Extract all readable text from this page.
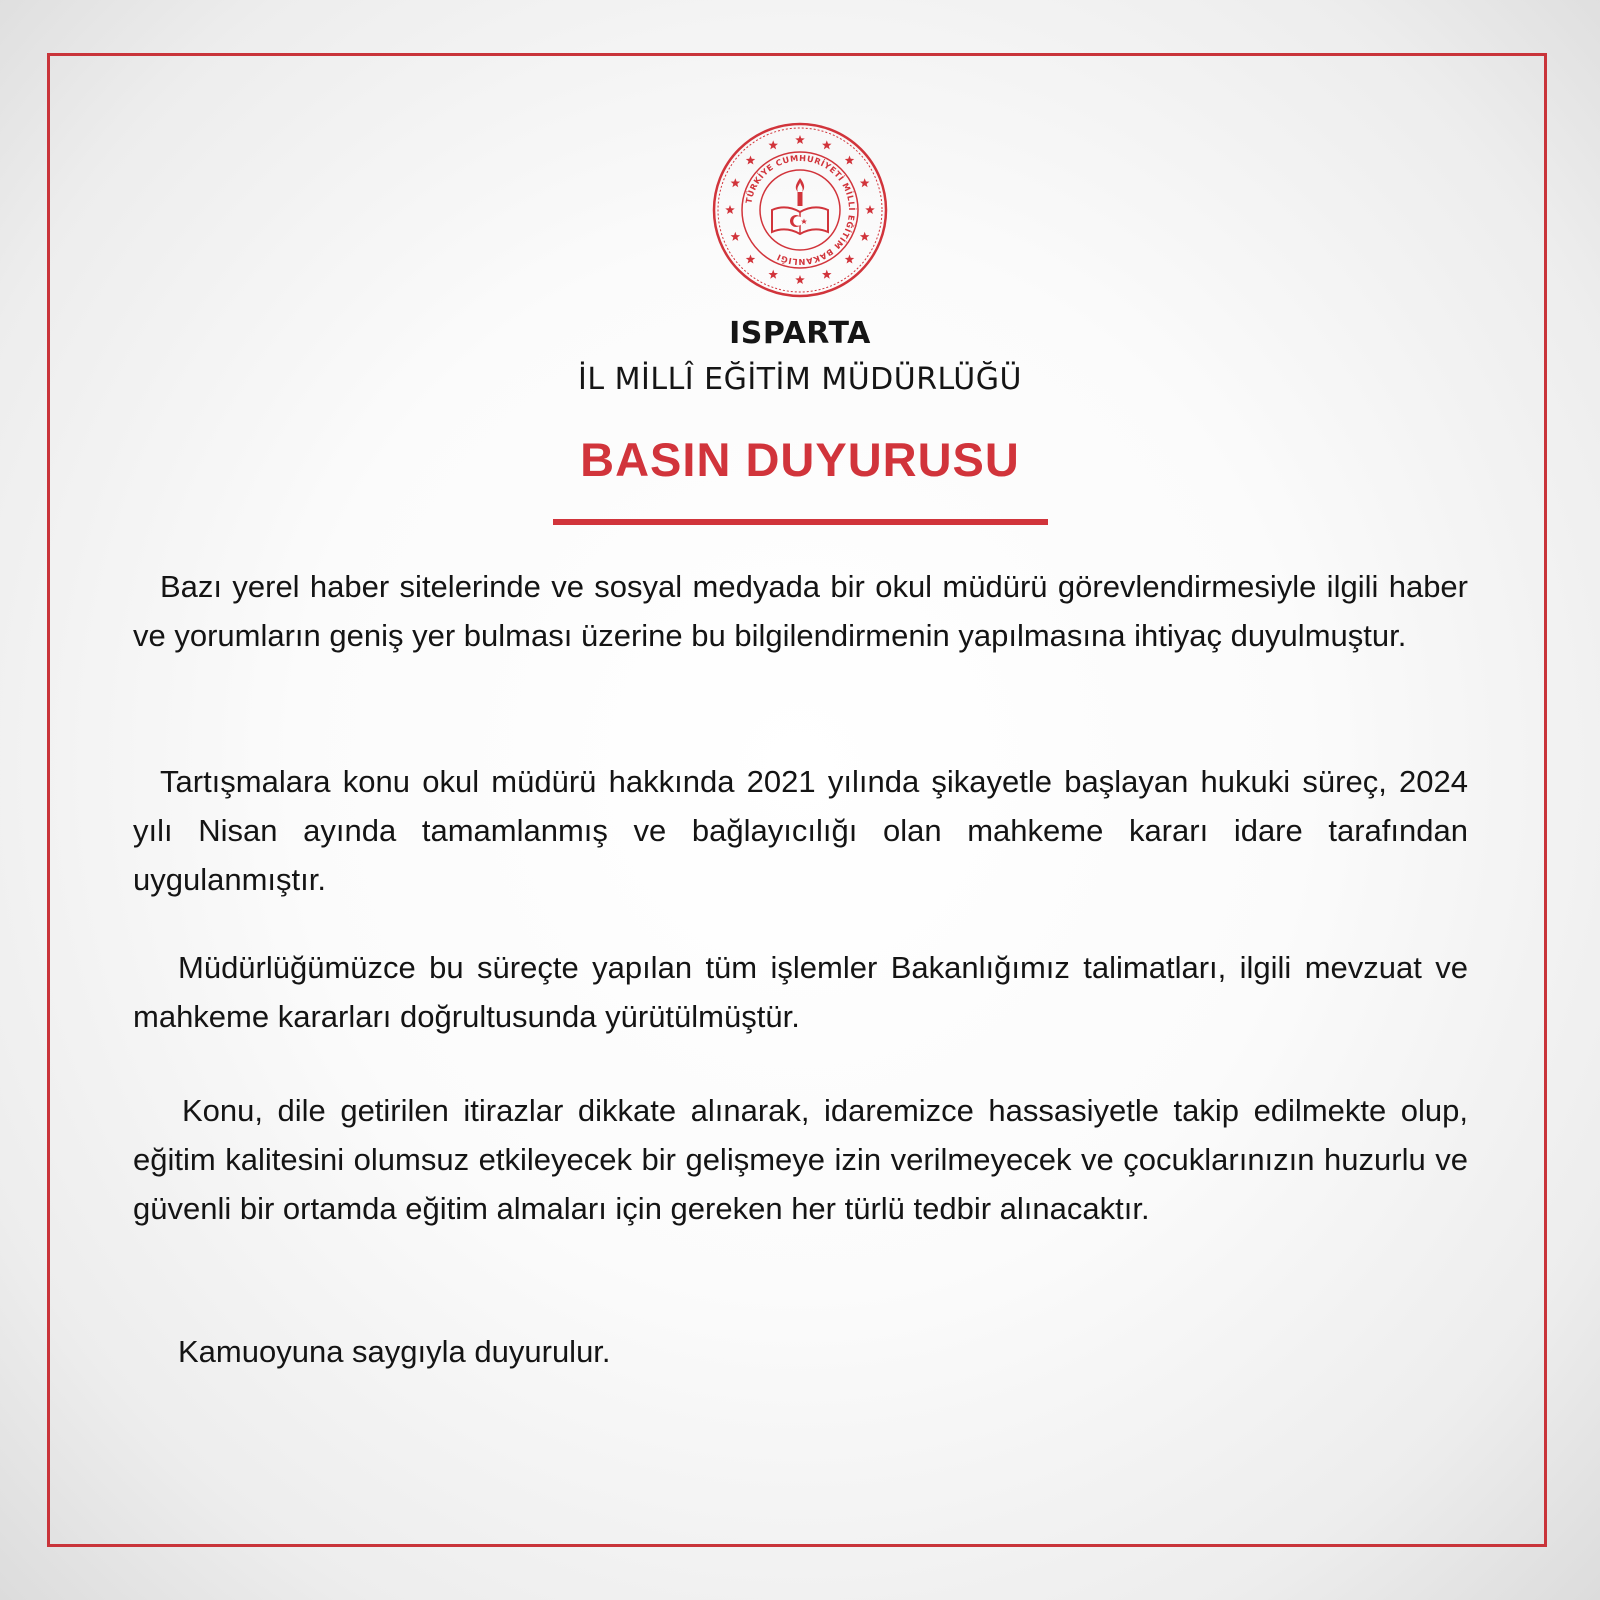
TÜRKİYE CUMHURİYETİ MİLLİ EĞİTİM BAKANLIĞI
ISPARTA
İL MİLLÎ EĞİTİM MÜDÜRLÜĞÜ
BASIN DUYURUSU

Bazı yerel haber sitelerinde ve sosyal medyada bir okul müdürü görevlendirmesiyle ilgili haber ve yorumların geniş yer bulması üzerine bu bilgilendirmenin yapılmasına ihtiyaç duyulmuştur.

Tartışmalara konu okul müdürü hakkında 2021 yılında şikayetle başlayan hukuki süreç, 2024 yılı Nisan ayında tamamlanmış ve bağlayıcılığı olan mahkeme kararı idare tarafından uygulanmıştır.

Müdürlüğümüzce bu süreçte yapılan tüm işlemler Bakanlığımız talimatları, ilgili mevzuat ve mahkeme kararları doğrultusunda yürütülmüştür.

Konu, dile getirilen itirazlar dikkate alınarak, idaremizce hassasiyetle takip edilmekte olup, eğitim kalitesini olumsuz etkileyecek bir gelişmeye izin verilmeyecek ve çocuklarınızın huzurlu ve güvenli bir ortamda eğitim almaları için gereken her türlü tedbir alınacaktır.

Kamuoyuna saygıyla duyurulur.
